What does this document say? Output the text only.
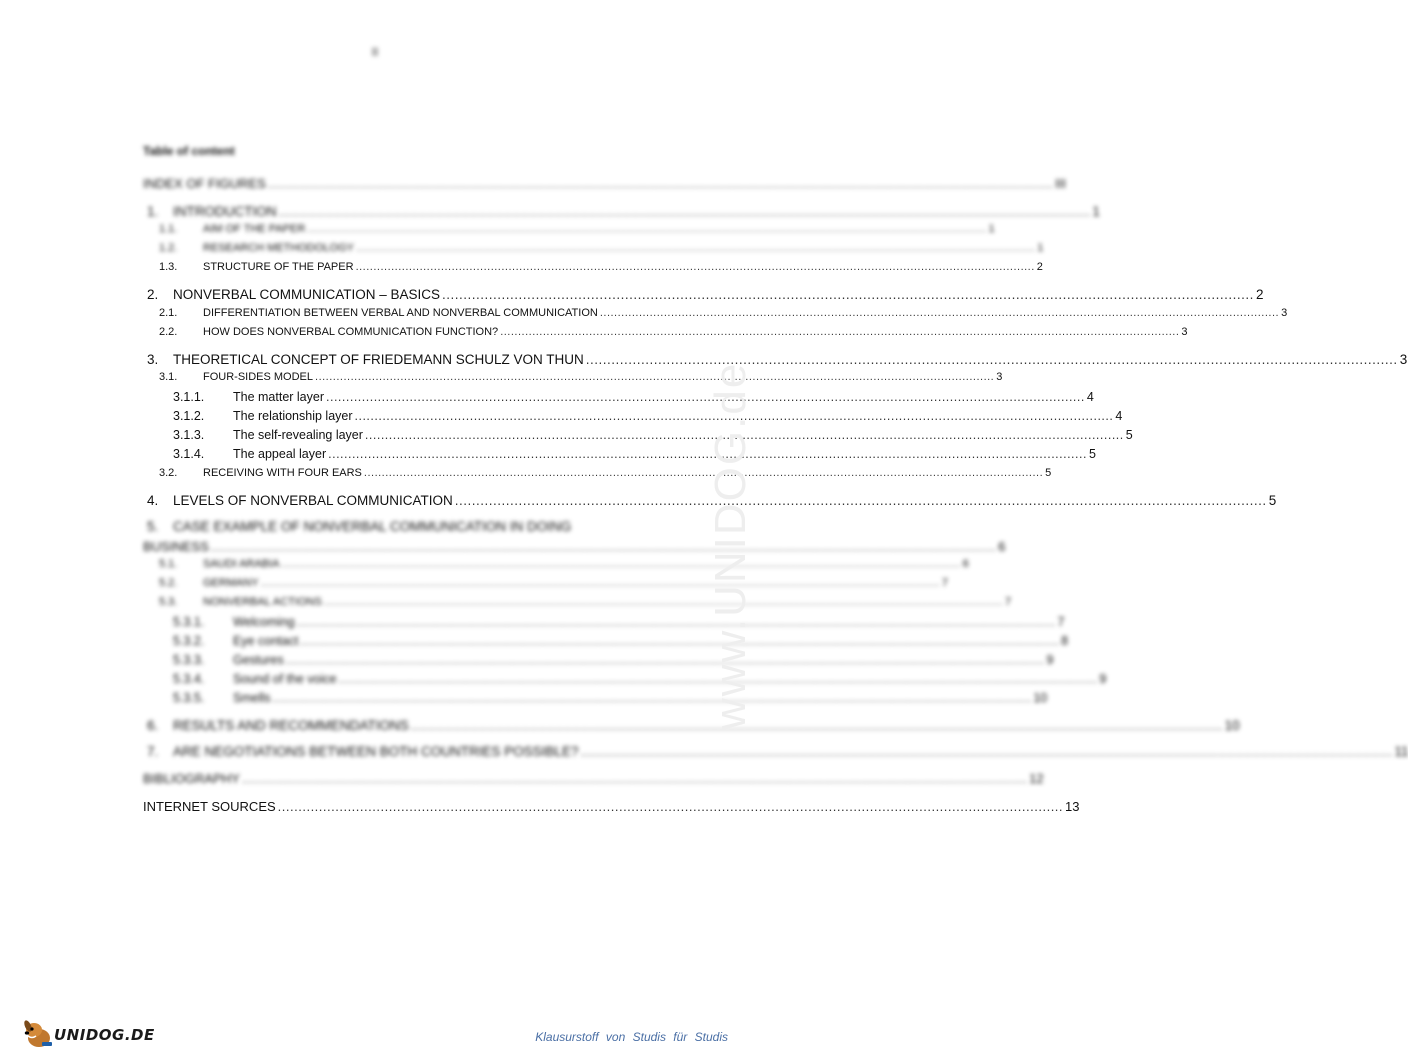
II
Table of content
INDEX OF FIGURES .....	III
1.	INTRODUCTION .....	1
1.1.	AIM OF THE PAPER .....	1
1.2.	RESEARCH METHODOLOGY .....	1
1.3.	STRUCTURE OF THE PAPER .....	2
2.	NONVERBAL COMMUNICATION – BASICS .....	2
2.1.	DIFFERENTIATION BETWEEN VERBAL AND NONVERBAL COMMUNICATION .....	3
2.2.	HOW DOES NONVERBAL COMMUNICATION FUNCTION? .....	3
3.	THEORETICAL CONCEPT OF FRIEDEMANN SCHULZ VON THUN .....	3
3.1.	FOUR-SIDES MODEL .....	3
3.1.1.	The matter layer .....	4
3.1.2.	The relationship layer .....	4
3.1.3.	The self-revealing layer .....	5
3.1.4.	The appeal layer .....	5
3.2.	RECEIVING WITH FOUR EARS .....	5
4.	LEVELS OF NONVERBAL COMMUNICATION .....	5
5.	CASE EXAMPLE OF NONVERBAL COMMUNICATION IN DOING
BUSINESS .....	6
5.1.	SAUDI ARABIA .....	6
5.2.	GERMANY .....	7
5.3.	NONVERBAL ACTIONS .....	7
5.3.1.	Welcoming .....	7
5.3.2.	Eye contact .....	8
5.3.3.	Gestures .....	9
5.3.4.	Sound of the voice .....	9
5.3.5.	Smells .....	10
6.	RESULTS AND RECOMMENDATIONS .....	10
7.	ARE NEGOTIATIONS BETWEEN BOTH COUNTRIES POSSIBLE? .....	11
BIBLIOGRAPHY .....	12
INTERNET SOURCES .....	13
www.UNIDOG.de
UNIDOG.DE	Klausurstoff von Studis für Studis
